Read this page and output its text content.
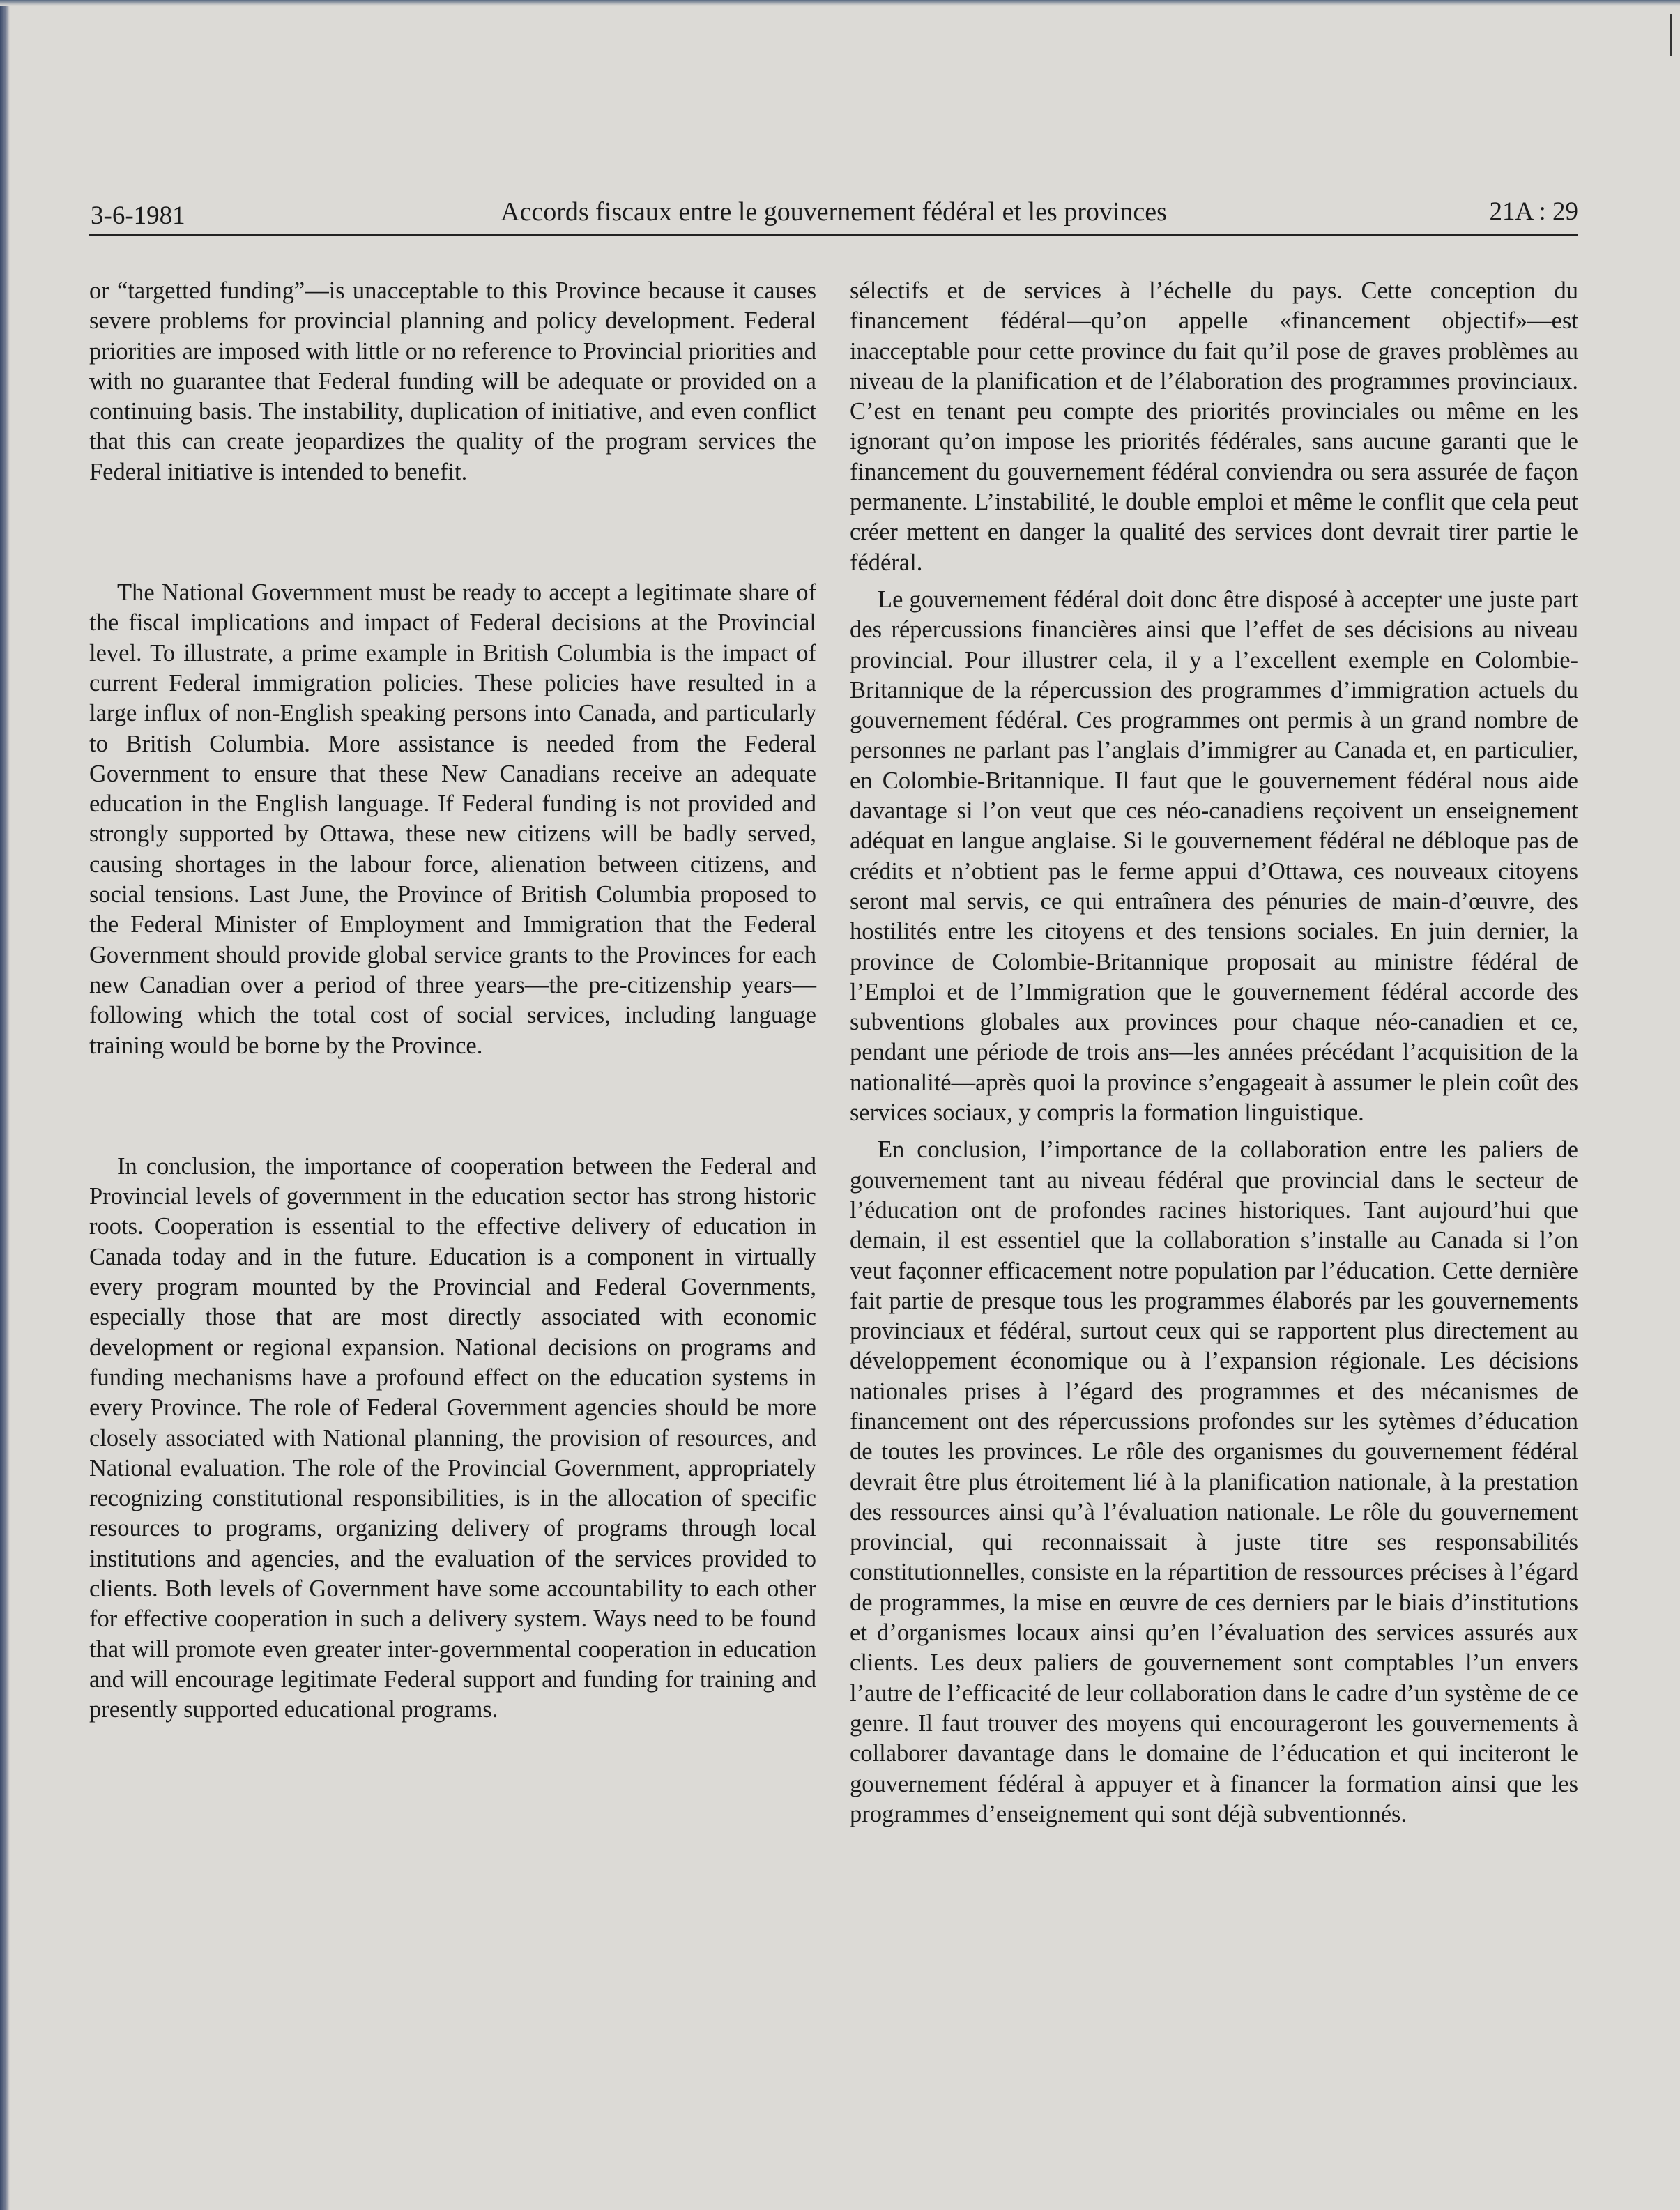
3-6-1981	Accords fiscaux entre le gouvernement fédéral et les provinces	21A : 29

or “targetted funding”—is unacceptable to this Province because it causes severe problems for provincial planning and policy development. Federal priorities are imposed with little or no reference to Provincial priorities and with no guarantee that Federal funding will be adequate or provided on a continuing basis. The instability, duplication of initiative, and even conflict that this can create jeopardizes the quality of the program services the Federal initiative is intended to benefit.

The National Government must be ready to accept a legitimate share of the fiscal implications and impact of Federal decisions at the Provincial level. To illustrate, a prime example in British Columbia is the impact of current Federal immigration policies. These policies have resulted in a large influx of non-English speaking persons into Canada, and particularly to British Columbia. More assistance is needed from the Federal Government to ensure that these New Canadians receive an adequate education in the English language. If Federal funding is not provided and strongly supported by Ottawa, these new citizens will be badly served, causing shortages in the labour force, alienation between citizens, and social tensions. Last June, the Province of British Columbia proposed to the Federal Minister of Employment and Immigration that the Federal Government should provide global service grants to the Provinces for each new Canadian over a period of three years—the pre-citizenship years—following which the total cost of social services, including language training would be borne by the Province.

In conclusion, the importance of cooperation between the Federal and Provincial levels of government in the education sector has strong historic roots. Cooperation is essential to the effective delivery of education in Canada today and in the future. Education is a component in virtually every program mounted by the Provincial and Federal Governments, especially those that are most directly associated with economic development or regional expansion. National decisions on programs and funding mechanisms have a profound effect on the education systems in every Province. The role of Federal Government agencies should be more closely associated with National planning, the provision of resources, and National evaluation. The role of the Provincial Government, appropriately recognizing constitutional responsibilities, is in the allocation of specific resources to programs, organizing delivery of programs through local institutions and agencies, and the evaluation of the services provided to clients. Both levels of Government have some accountability to each other for effective cooperation in such a delivery system. Ways need to be found that will promote even greater inter-governmental cooperation in education and will encourage legitimate Federal support and funding for training and presently supported educational programs.

sélectifs et de services à l’échelle du pays. Cette conception du financement fédéral—qu’on appelle «financement objectif»—est inacceptable pour cette province du fait qu’il pose de graves problèmes au niveau de la planification et de l’élaboration des programmes provinciaux. C’est en tenant peu compte des priorités provinciales ou même en les ignorant qu’on impose les priorités fédérales, sans aucune garanti que le financement du gouvernement fédéral conviendra ou sera assurée de façon permanente. L’instabilité, le double emploi et même le conflit que cela peut créer mettent en danger la qualité des services dont devrait tirer partie le fédéral.

Le gouvernement fédéral doit donc être disposé à accepter une juste part des répercussions financières ainsi que l’effet de ses décisions au niveau provincial. Pour illustrer cela, il y a l’excellent exemple en Colombie-Britannique de la répercussion des programmes d’immigration actuels du gouvernement fédéral. Ces programmes ont permis à un grand nombre de personnes ne parlant pas l’anglais d’immigrer au Canada et, en particulier, en Colombie-Britannique. Il faut que le gouvernement fédéral nous aide davantage si l’on veut que ces néo-canadiens reçoivent un enseignement adéquat en langue anglaise. Si le gouvernement fédéral ne débloque pas de crédits et n’obtient pas le ferme appui d’Ottawa, ces nouveaux citoyens seront mal servis, ce qui entraînera des pénuries de main-d’œuvre, des hostilités entre les citoyens et des tensions sociales. En juin dernier, la province de Colombie-Britannique proposait au ministre fédéral de l’Emploi et de l’Immigration que le gouvernement fédéral accorde des subventions globales aux provinces pour chaque néo-canadien et ce, pendant une période de trois ans—les années précédant l’acquisition de la nationalité—après quoi la province s’engageait à assumer le plein coût des services sociaux, y compris la formation linguistique.

En conclusion, l’importance de la collaboration entre les paliers de gouvernement tant au niveau fédéral que provincial dans le secteur de l’éducation ont de profondes racines historiques. Tant aujourd’hui que demain, il est essentiel que la collaboration s’installe au Canada si l’on veut façonner efficacement notre population par l’éducation. Cette dernière fait partie de presque tous les programmes élaborés par les gouvernements provinciaux et fédéral, surtout ceux qui se rapportent plus directement au développement économique ou à l’expansion régionale. Les décisions nationales prises à l’égard des programmes et des mécanismes de financement ont des répercussions profondes sur les sytèmes d’éducation de toutes les provinces. Le rôle des organismes du gouvernement fédéral devrait être plus étroitement lié à la planification nationale, à la prestation des ressources ainsi qu’à l’évaluation nationale. Le rôle du gouvernement provincial, qui reconnaissait à juste titre ses responsabilités constitutionnelles, consiste en la répartition de ressources précises à l’égard de programmes, la mise en œuvre de ces derniers par le biais d’institutions et d’organismes locaux ainsi qu’en l’évaluation des services assurés aux clients. Les deux paliers de gouvernement sont comptables l’un envers l’autre de l’efficacité de leur collaboration dans le cadre d’un système de ce genre. Il faut trouver des moyens qui encourageront les gouvernements à collaborer davantage dans le domaine de l’éducation et qui inciteront le gouvernement fédéral à appuyer et à financer la formation ainsi que les programmes d’enseignement qui sont déjà subventionnés.
